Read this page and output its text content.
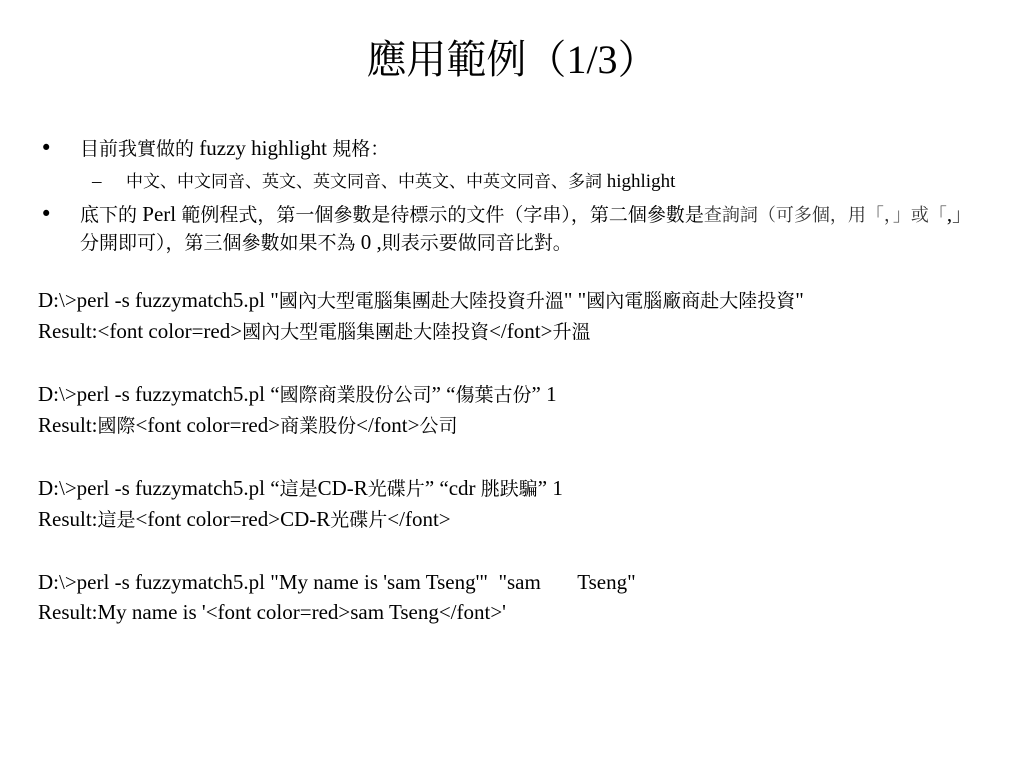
應用範例（1/3）
• 目前我實做的 fuzzy highlight 規格：
– 中文、中文同音、英文、英文同音、中英文、中英文同音、多詞 highlight
• 底下的 Perl 範例程式，第一個參數是待標示的文件（字串），第二個參數是查詢詞（可多個，用「，」或「,」分開即可），第三個參數如果不為 0 ,則表示要做同音比對。
D:\>perl -s fuzzymatch5.pl "國內大型電腦集團赴大陸投資升溫" "國內電腦廠商赴大陸投資"
Result:<font color=red>國內大型電腦集團赴大陸投資</font>升溫
D:\>perl -s fuzzymatch5.pl “國際商業股份公司” “傷葉古份” 1
Result:國際<font color=red>商業股份</font>公司
D:\>perl -s fuzzymatch5.pl “這是CD-R光碟片” “cdr 朓趺騙” 1
Result:這是<font color=red>CD-R光碟片</font>
D:\>perl -s fuzzymatch5.pl "My name is 'sam Tseng'"  "sam       Tseng"
Result:My name is '<font color=red>sam Tseng</font>'
